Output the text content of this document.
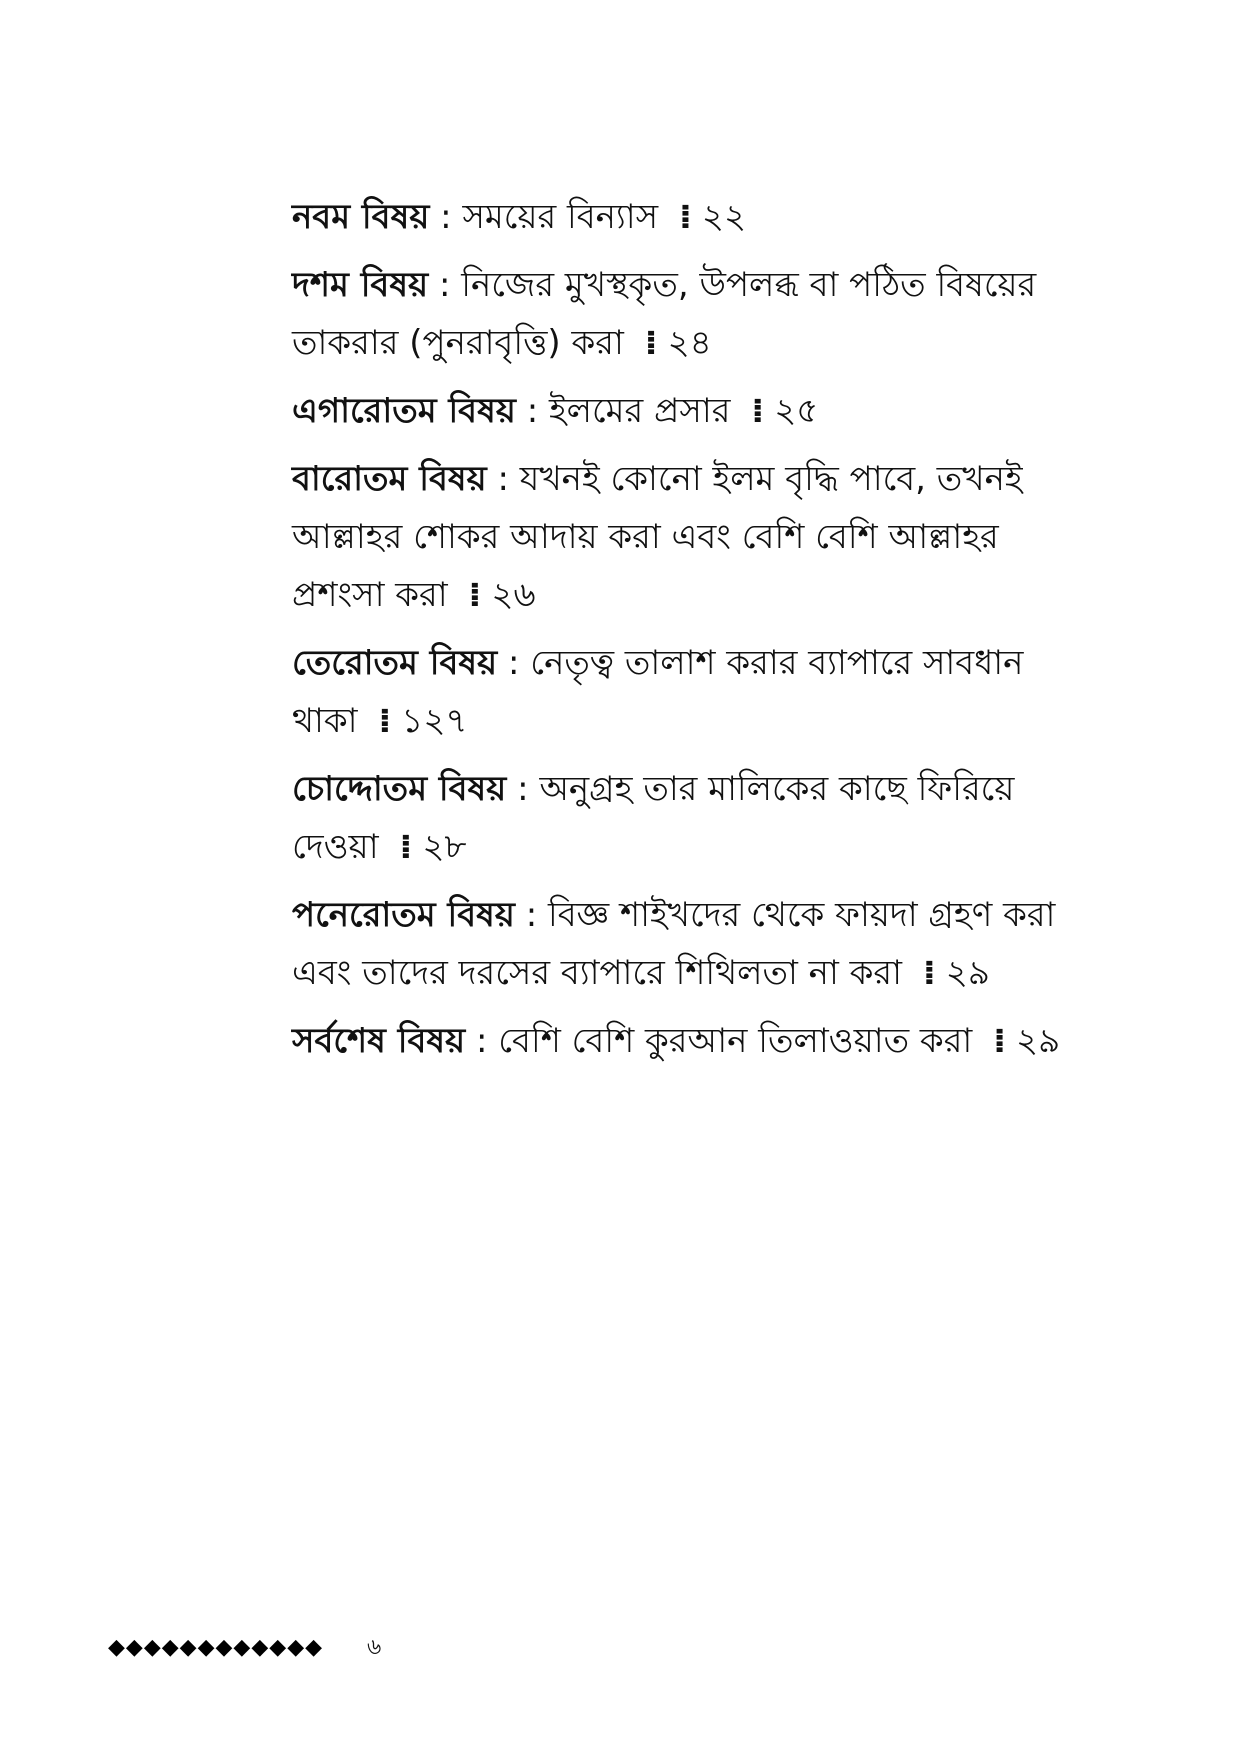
নবম বিষয় : সময়ের বিন্যাস ⁞ ২২

দশম বিষয় : নিজের মুখস্থকৃত, উপলব্ধ বা পঠিত বিষয়ের তাকরার (পুনরাবৃত্তি) করা ⁞ ২৪

এগারোতম বিষয় : ইলমের প্রসার ⁞ ২৫

বারোতম বিষয় : যখনই কোনো ইলম বৃদ্ধি পাবে, তখনই আল্লাহর শোকর আদায় করা এবং বেশি বেশি আল্লাহর প্রশংসা করা ⁞ ২৬

তেরোতম বিষয় : নেতৃত্ব তালাশ করার ব্যাপারে সাবধান থাকা ⁞ ১২৭

চোদ্দোতম বিষয় : অনুগ্রহ তার মালিকের কাছে ফিরিয়ে দেওয়া ⁞ ২৮

পনেরোতম বিষয় : বিজ্ঞ শাইখদের থেকে ফায়দা গ্রহণ করা এবং তাদের দরসের ব্যাপারে শিথিলতা না করা ⁞ ২৯

সর্বশেষ বিষয় : বেশি বেশি কুরআন তিলাওয়াত করা ⁞ ২৯

◆◆◆◆◆◆◆◆◆◆◆◆ ৬
